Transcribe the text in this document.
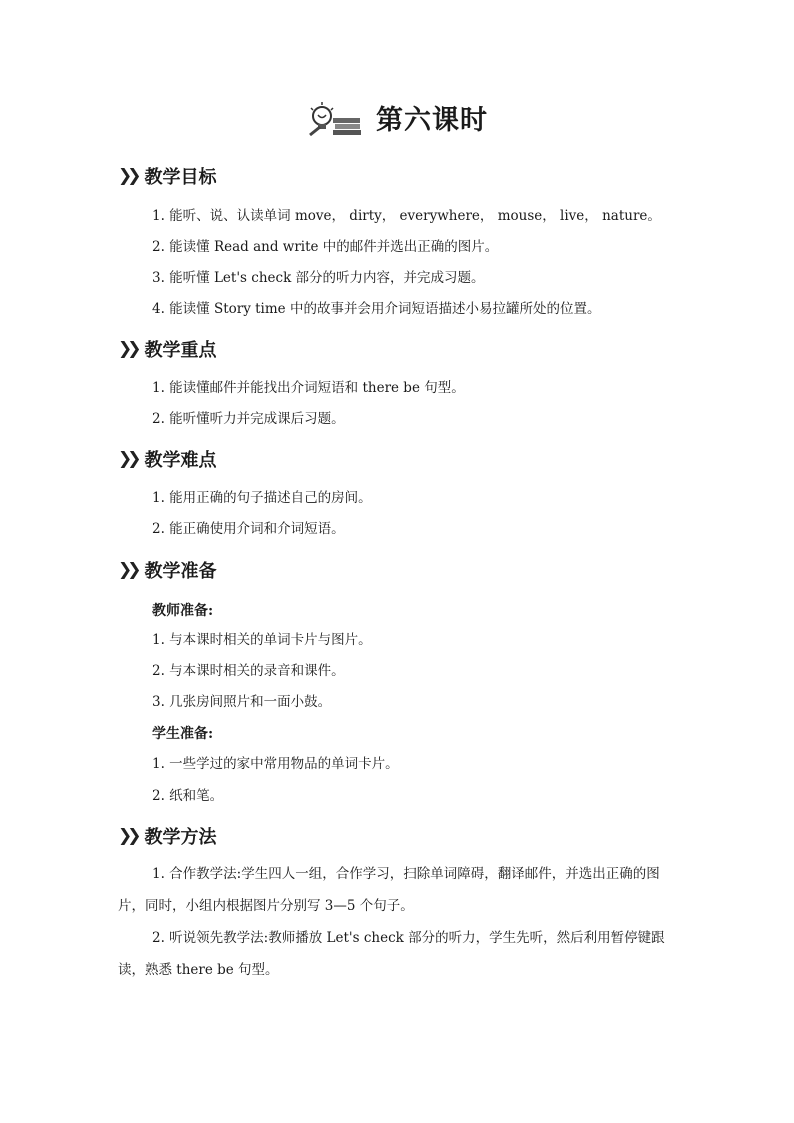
第六课时
❯❯ 教学目标
1. 能听、说、认读单词 move， dirty， everywhere， mouse， live， nature。
2. 能读懂 Read and write 中的邮件并选出正确的图片。
3. 能听懂 Let's check 部分的听力内容，并完成习题。
4. 能读懂 Story time 中的故事并会用介词短语描述小易拉罐所处的位置。
❯❯ 教学重点
1. 能读懂邮件并能找出介词短语和 there be 句型。
2. 能听懂听力并完成课后习题。
❯❯ 教学难点
1. 能用正确的句子描述自己的房间。
2. 能正确使用介词和介词短语。
❯❯ 教学准备
教师准备:
1. 与本课时相关的单词卡片与图片。
2. 与本课时相关的录音和课件。
3. 几张房间照片和一面小鼓。
学生准备:
1. 一些学过的家中常用物品的单词卡片。
2. 纸和笔。
❯❯ 教学方法
1. 合作教学法:学生四人一组，合作学习，扫除单词障碍，翻译邮件，并选出正确的图片，同时，小组内根据图片分别写 3—5 个句子。
2. 听说领先教学法:教师播放 Let's check 部分的听力，学生先听，然后利用暂停键跟读，熟悉 there be 句型。
